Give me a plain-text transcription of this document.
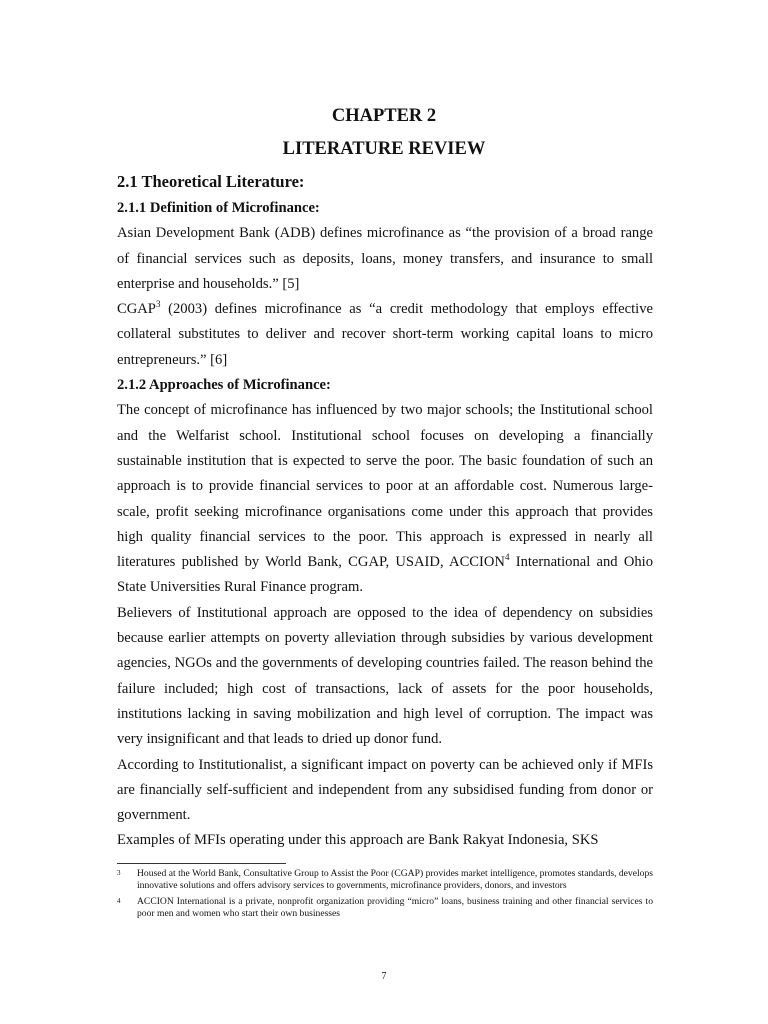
CHAPTER 2
LITERATURE REVIEW
2.1 Theoretical Literature:
2.1.1 Definition of Microfinance:

Asian Development Bank (ADB) defines microfinance as “the provision of a broad range of financial services such as deposits, loans, money transfers, and insurance to small enterprise and households.” [5]

CGAP$^3$ (2003) defines microfinance as “a credit methodology that employs effective collateral substitutes to deliver and recover short-term working capital loans to micro entrepreneurs.” [6]

2.1.2 Approaches of Microfinance:

The concept of microfinance has influenced by two major schools; the Institutional school and the Welfarist school. Institutional school focuses on developing a financially sustainable institution that is expected to serve the poor. The basic foundation of such an approach is to provide financial services to poor at an affordable cost. Numerous large-scale, profit seeking microfinance organisations come under this approach that provides high quality financial services to the poor. This approach is expressed in nearly all literatures published by World Bank, CGAP, USAID, ACCION$^4$ International and Ohio State Universities Rural Finance program.

Believers of Institutional approach are opposed to the idea of dependency on subsidies because earlier attempts on poverty alleviation through subsidies by various development agencies, NGOs and the governments of developing countries failed. The reason behind the failure included; high cost of transactions, lack of assets for the poor households, institutions lacking in saving mobilization and high level of corruption. The impact was very insignificant and that leads to dried up donor fund.

According to Institutionalist, a significant impact on poverty can be achieved only if MFIs are financially self-sufficient and independent from any subsidised funding from donor or government.

Examples of MFIs operating under this approach are Bank Rakyat Indonesia, SKS

3	Housed at the World Bank, Consultative Group to Assist the Poor (CGAP) provides market intelligence, promotes standards, develops innovative solutions and offers advisory services to governments, microfinance providers, donors, and investors
4	ACCION International is a private, nonprofit organization providing “micro” loans, business training and other financial services to poor men and women who start their own businesses
7
